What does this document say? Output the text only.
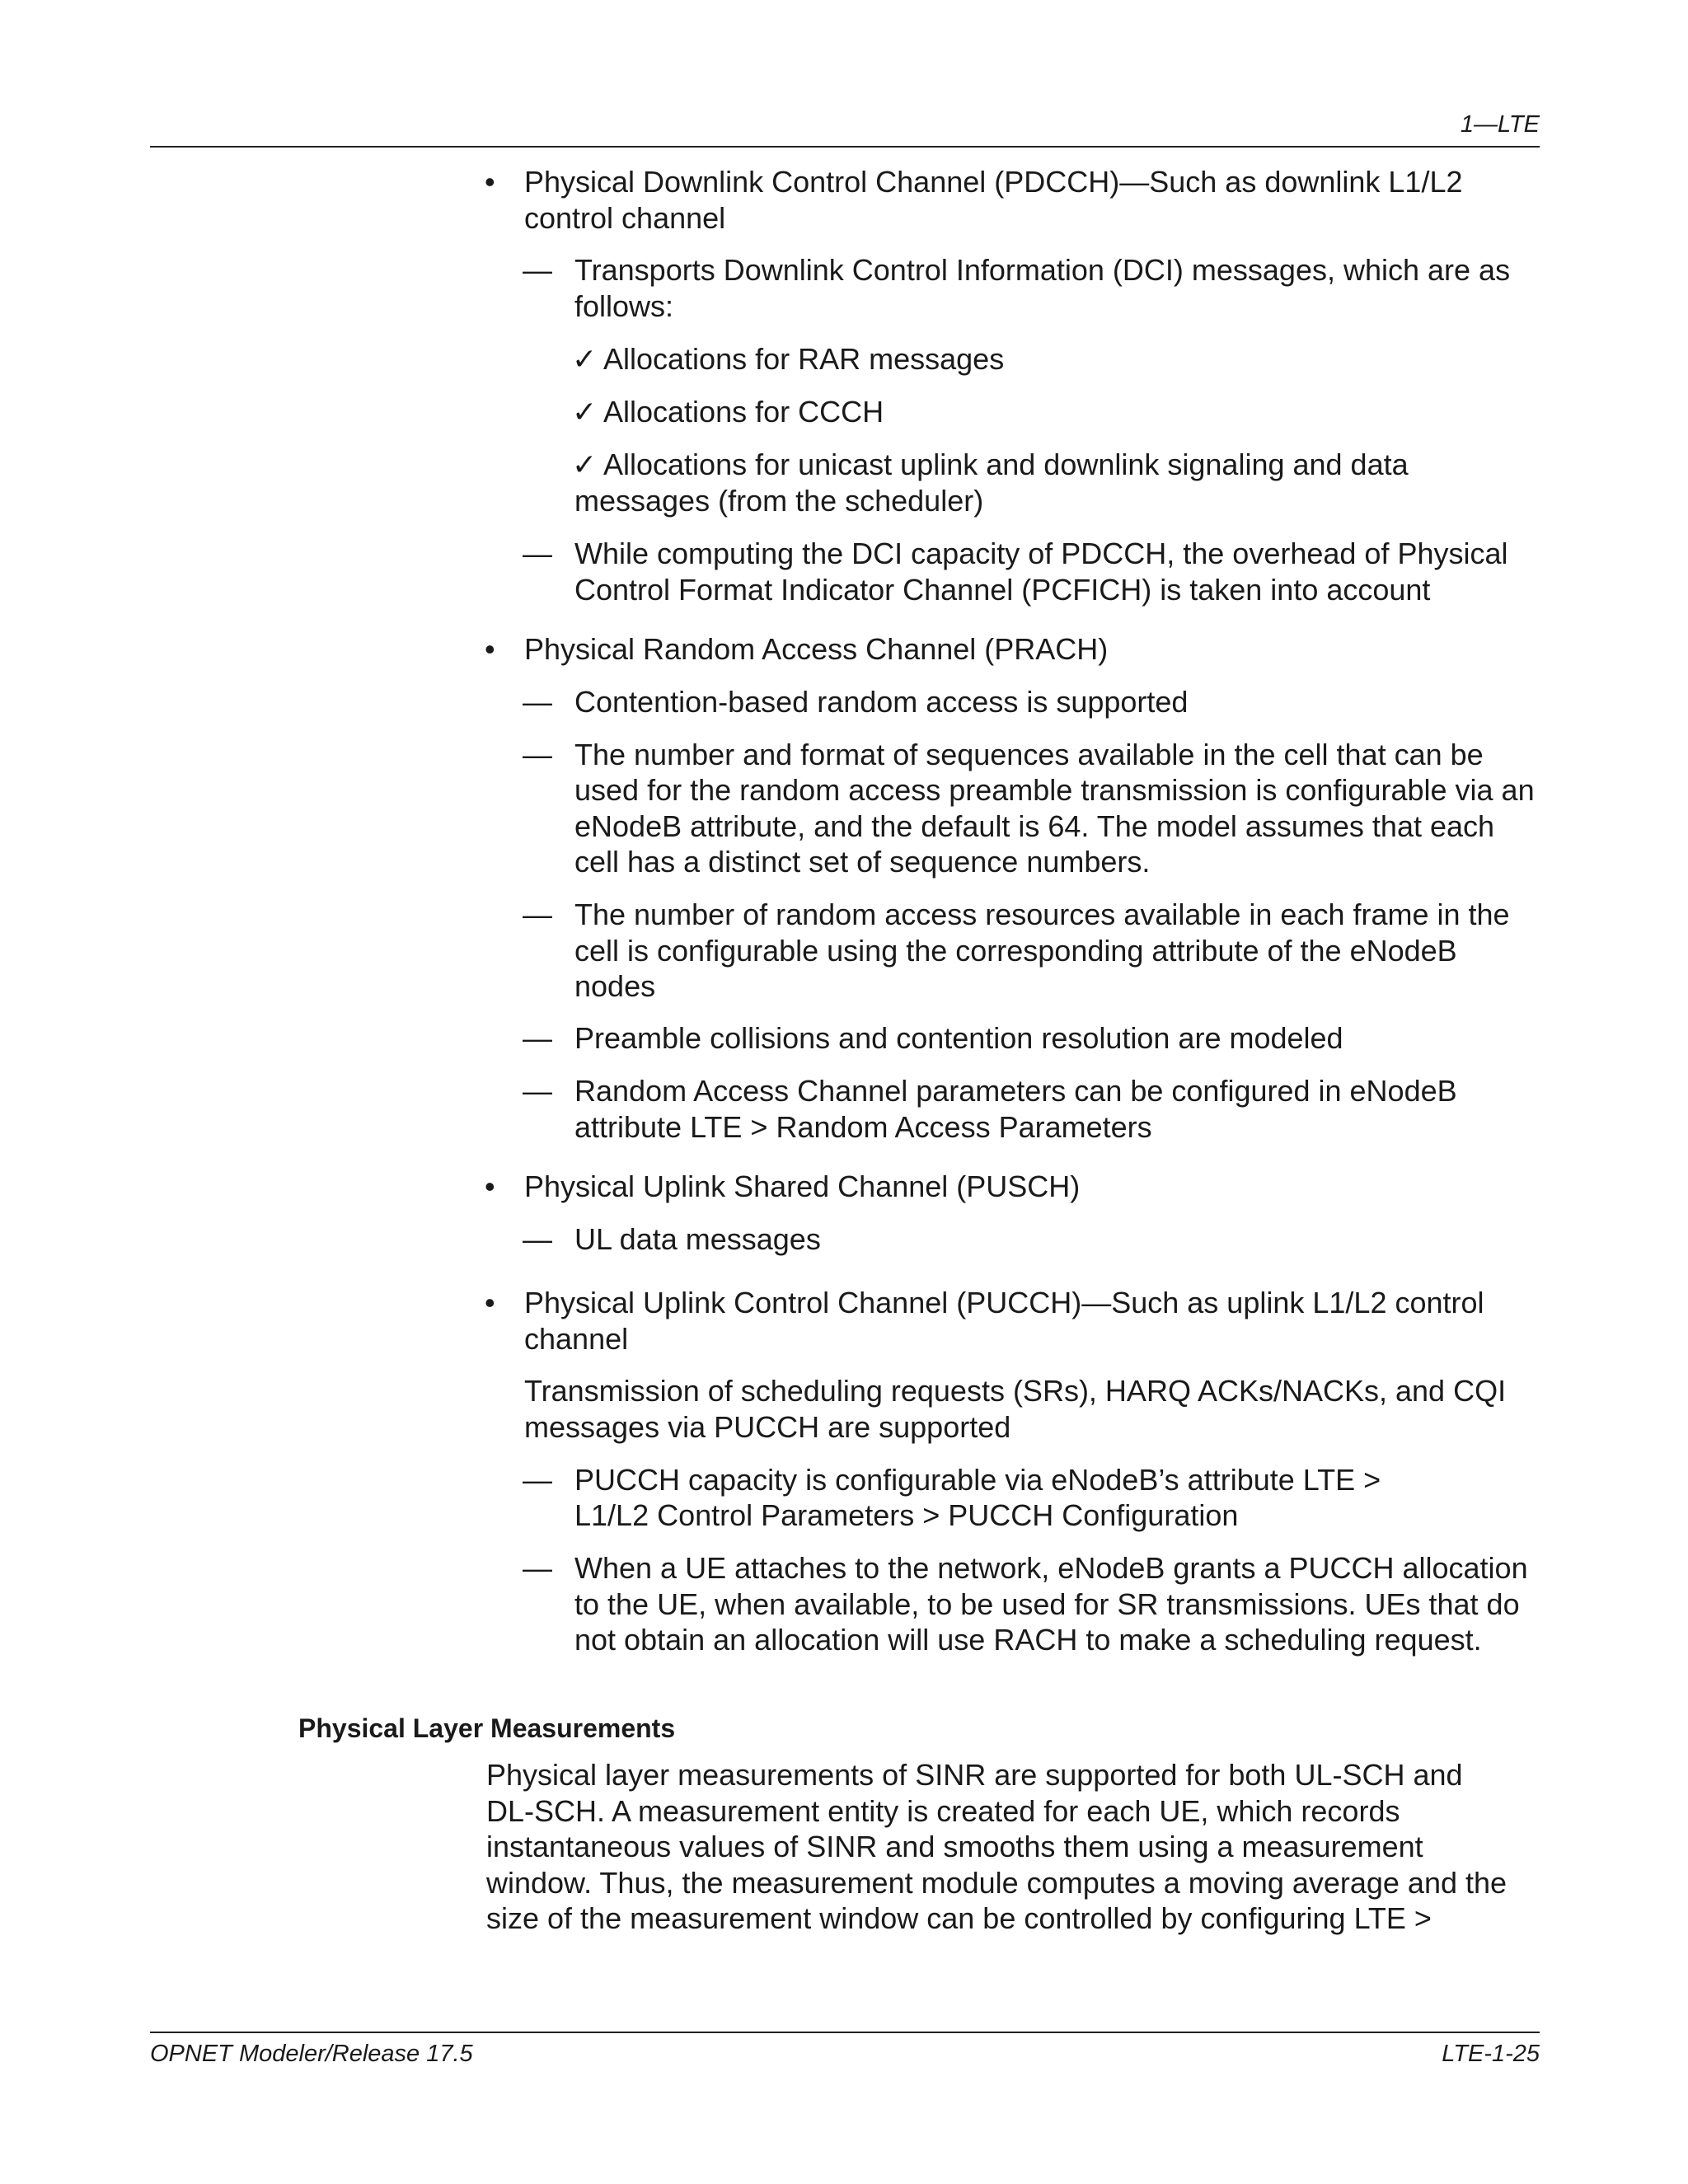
1—LTE
• Physical Downlink Control Channel (PDCCH)—Such as downlink L1/L2
control channel
— Transports Downlink Control Information (DCI) messages, which are as
follows:
✓ Allocations for RAR messages
✓ Allocations for CCCH
✓ Allocations for unicast uplink and downlink signaling and data
messages (from the scheduler)
— While computing the DCI capacity of PDCCH, the overhead of Physical
Control Format Indicator Channel (PCFICH) is taken into account
• Physical Random Access Channel (PRACH)
— Contention-based random access is supported
— The number and format of sequences available in the cell that can be
used for the random access preamble transmission is configurable via an
eNodeB attribute, and the default is 64. The model assumes that each
cell has a distinct set of sequence numbers.
— The number of random access resources available in each frame in the
cell is configurable using the corresponding attribute of the eNodeB
nodes
— Preamble collisions and contention resolution are modeled
— Random Access Channel parameters can be configured in eNodeB
attribute LTE > Random Access Parameters
• Physical Uplink Shared Channel (PUSCH)
— UL data messages
• Physical Uplink Control Channel (PUCCH)—Such as uplink L1/L2 control
channel
Transmission of scheduling requests (SRs), HARQ ACKs/NACKs, and CQI
messages via PUCCH are supported
— PUCCH capacity is configurable via eNodeB’s attribute LTE >
L1/L2 Control Parameters > PUCCH Configuration
— When a UE attaches to the network, eNodeB grants a PUCCH allocation
to the UE, when available, to be used for SR transmissions. UEs that do
not obtain an allocation will use RACH to make a scheduling request.
Physical Layer Measurements
Physical layer measurements of SINR are supported for both UL-SCH and
DL-SCH. A measurement entity is created for each UE, which records
instantaneous values of SINR and smooths them using a measurement
window. Thus, the measurement module computes a moving average and the
size of the measurement window can be controlled by configuring LTE >
OPNET Modeler/Release 17.5	LTE-1-25
